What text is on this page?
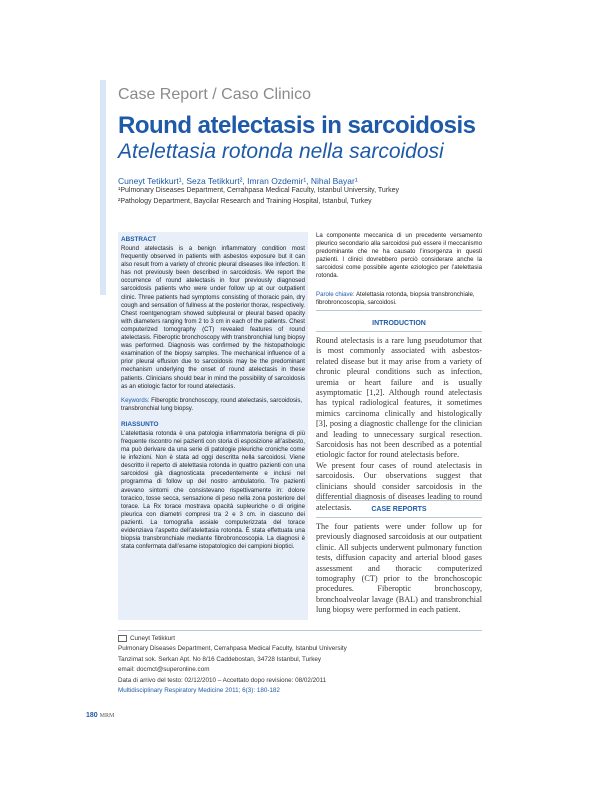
Case Report / Caso Clinico
Round atelectasis in sarcoidosis
Atelettasia rotonda nella sarcoidosi
Cuneyt Tetikkurt¹, Seza Tetikkurt², Imran Ozdemir¹, Nihal Bayar¹
¹Pulmonary Diseases Department, Cerrahpasa Medical Faculty, Istanbul University, Turkey
²Pathology Department, Baycilar Research and Training Hospital, Istanbul, Turkey
ABSTRACT

Round atelectasis is a benign inflammatory condition most frequently observed in patients with asbestos exposure but it can also result from a variety of chronic pleural diseases like infection. It has not previously been described in sarcoidosis. We report the occurrence of round atelectasis in four previously diagnosed sarcoidosis patients who were under follow up at our outpatient clinic. Three patients had symptoms consisting of thoracic pain, dry cough and sensation of fullness at the posterior thorax, respectively. Chest roentgenogram showed subpleural or pleural based opacity with diameters ranging from 2 to 3 cm in each of the patients. Chest computerized tomography (CT) revealed features of round atelectasis. Fiberoptic bronchoscopy with transbronchial lung biopsy was performed. Diagnosis was confirmed by the histopathologic examination of the biopsy samples. The mechanical influence of a prior pleural effusion due to sarcoidosis may be the predominant mechanism underlying the onset of round atelectasis in these patients. Clinicians should bear in mind the possibility of sarcoidosis as an etiologic factor for round atelectasis.

Keywords: Fiberoptic bronchoscopy, round atelectasis, sarcoidosis, transbronchial lung biopsy.

RIASSUNTO

L’atelettasia rotonda è una patologia infiammatoria benigna di più frequente riscontro nei pazienti con storia di esposizione all’asbesto, ma può derivare da una serie di patologie pleuriche croniche come le infezioni. Non è stata ad oggi descritta nella sarcoidosi. Viene descritto il reperto di atelettasia rotonda in quattro pazienti con una sarcoidosi già diagnosticata precedentemente e inclusi nel programma di follow up del nostro ambulatorio. Tre pazienti avevano sintomi che consistevano rispettivamente in: dolore toracico, tosse secca, sensazione di peso nella zona posteriore del torace. La Rx torace mostrava opacità supleuriche o di origine pleurica con diametri compresi tra 2 e 3 cm. in ciascuno dei pazienti. La tomografia assiale computerizzata del torace evidenziava l’aspetto dell’atelettasia rotonda. È stata effettuata una biopsia transbronchiale mediante fibrobroncoscopia. La diagnosi è stata confermata dall’esame istopatologico dei campioni bioptici.

La componente meccanica di un precedente versamento pleurico secondario alla sarcoidosi può essere il meccanismo predominante che ne ha causato l’insorgenza in questi pazienti. I clinici dovrebbero perciò considerare anche la sarcoidosi come possibile agente eziologico per l’atelettasia rotonda.

Parole chiave: Atelettasia rotonda, biopsia transbronchiale, fibrobroncoscopia, sarcoidosi.

INTRODUCTION

Round atelectasis is a rare lung pseudotumor that is most commonly associated with asbestos-related disease but it may arise from a variety of chronic pleural conditions such as infection, uremia or heart failure and is usually asymptomatic [1,2]. Although round atelectasis has typical radiological features, it sometimes mimics carcinoma clinically and histologically [3], posing a diagnostic challenge for the clinician and leading to unnecessary surgical resection. Sarcoidosis has not been described as a potential etiologic factor for round atelectasis before.

We present four cases of round atelectasis in sarcoidosis. Our observations suggest that clinicians should consider sarcoidosis in the differential diagnosis of diseases leading to round atelectasis.	CASE REPORTS

The four patients were under follow up for previously diagnosed sarcoidosis at our outpatient clinic. All subjects underwent pulmonary function tests, diffusion capacity and arterial blood gases assessment and thoracic computerized tomography (CT) prior to the bronchoscopic procedures. Fiberoptic bronchoscopy, bronchoalveolar lavage (BAL) and transbronchial lung biopsy were performed in each patient.

Cuneyt Tetikkurt
Pulmonary Diseases Department, Cerrahpasa Medical Faculty, Istanbul University
Tanzimat sok. Serkan Apt. No 8/16 Caddebostan, 34728 Istanbul, Turkey
email: docmct@superonline.com
Data di arrivo del testo: 02/12/2010 – Accettato dopo revisione: 08/02/2011
Multidisciplinary Respiratory Medicine 2011; 6(3): 180-182
180 MRM
